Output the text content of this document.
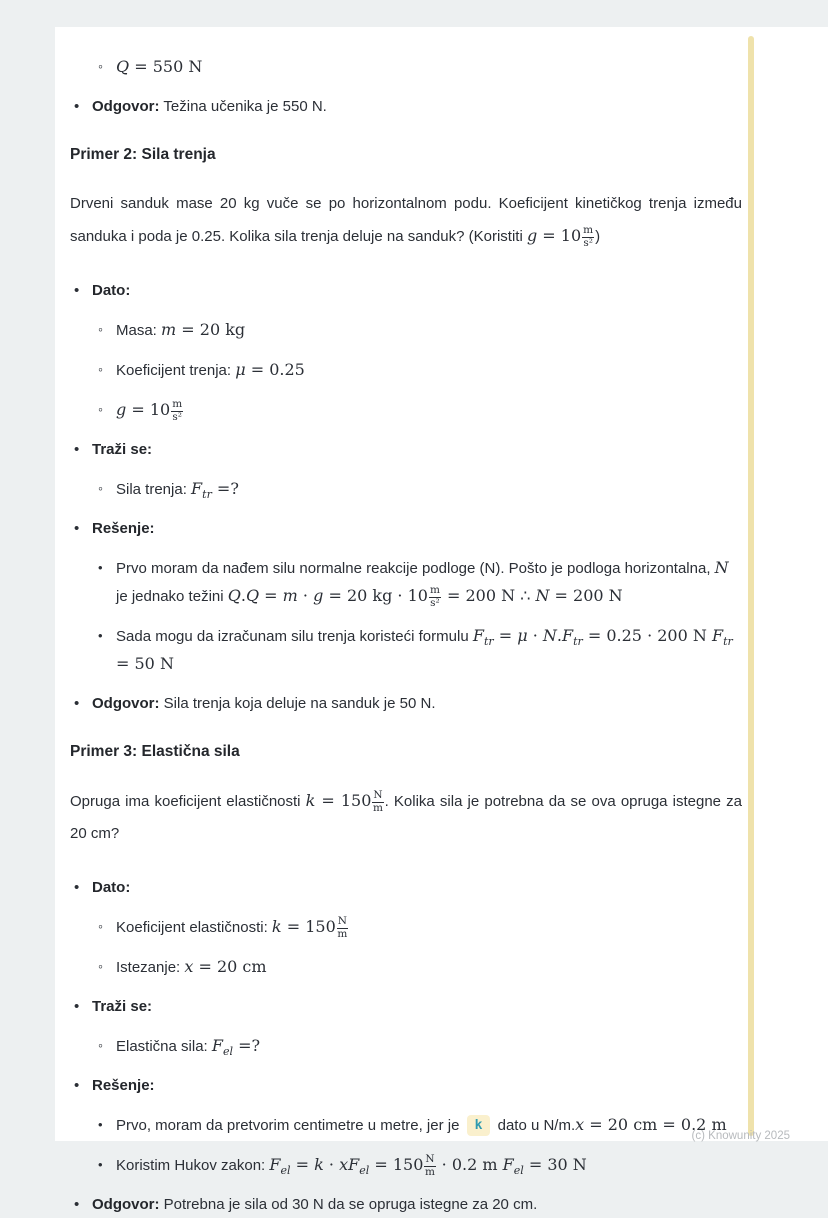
◦
Q = 550 N
•
Odgovor: Težina učenika je 550 N.
Primer 2: Sila trenja
Drveni sanduk mase 20 kg vuče se po horizontalnom podu. Koeficijent kinetičkog trenja između sanduka i poda je 0.25. Kolika sila trenja deluje na sanduk? (Koristiti $g = 10 \frac{m}{\text{s²}}$ )
•
Dato:
◦
Masa: m = 20 kg
◦
Koeficijent trenja: μ = 0.25
◦
$g = 10 \frac{m}{\text{s²}}$
•
Traži se:
◦
Sila trenja: $F_{tr}$ =?
•
Rešenje:
•
Prvo moram da nađem silu normalne reakcije podloge (N). Pošto je podloga horizontalna, N je jednako težini Q.Q = m · g = 20 kg · $10 \frac{m}{\text{s²}} = 200$ N ∴ N = 200 N
•
Sada mogu da izračunam silu trenja koristeći formulu $F_{tr} = \mu \cdot N.F_{tr} = 0.25 \cdot 200$ N $F_{tr} = 50$ N
•
Odgovor: Sila trenja koja deluje na sanduk je 50 N.
Primer 3: Elastična sila
Opruga ima koeficijent elastičnosti $k = 150 \frac{N}{m}$ . Kolika sila je potrebna da se ova opruga istegne za 20 cm?
•
Dato:
◦
Koeficijent elastičnosti: $k = 150 \frac{N}{m}$
◦
Istezanje: x = 20 cm
•
Traži se:
◦
Elastična sila: $F_{el}$ =?
•
Rešenje:
•
Prvo, moram da pretvorim centimetre u metre, jer je k dato u N/m.x = 20 cm = 0.2 m
•
Koristim Hukov zakon: $F_{el} = k \cdot xF_{el} = 150 \frac{N}{m} \cdot 0.2$ m $F_{el} = 30$ N
•
Odgovor: Potrebna je sila od 30 N da se opruga istegne za 20 cm.
(c) Knowunity 2025
